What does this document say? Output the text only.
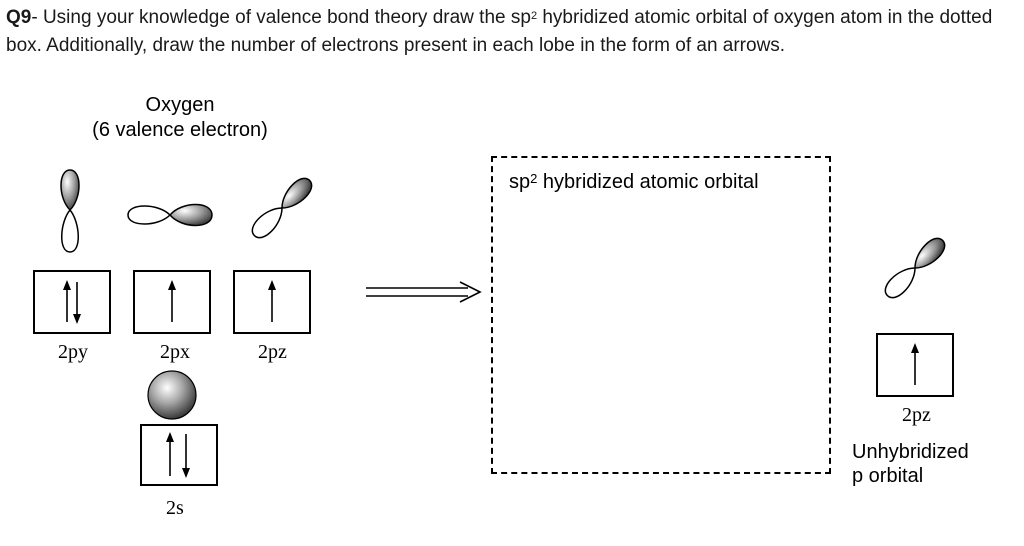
Q9- Using your knowledge of valence bond theory draw the $sp^2$ hybridized atomic orbital of oxygen atom in the dotted box. Additionally, draw the number of electrons present in each lobe in the form of an arrows.
Oxygen
(6 valence electron)
2py	2px	2pz
2s
$sp^2$ hybridized atomic orbital
2pz
Unhybridized
p orbital
